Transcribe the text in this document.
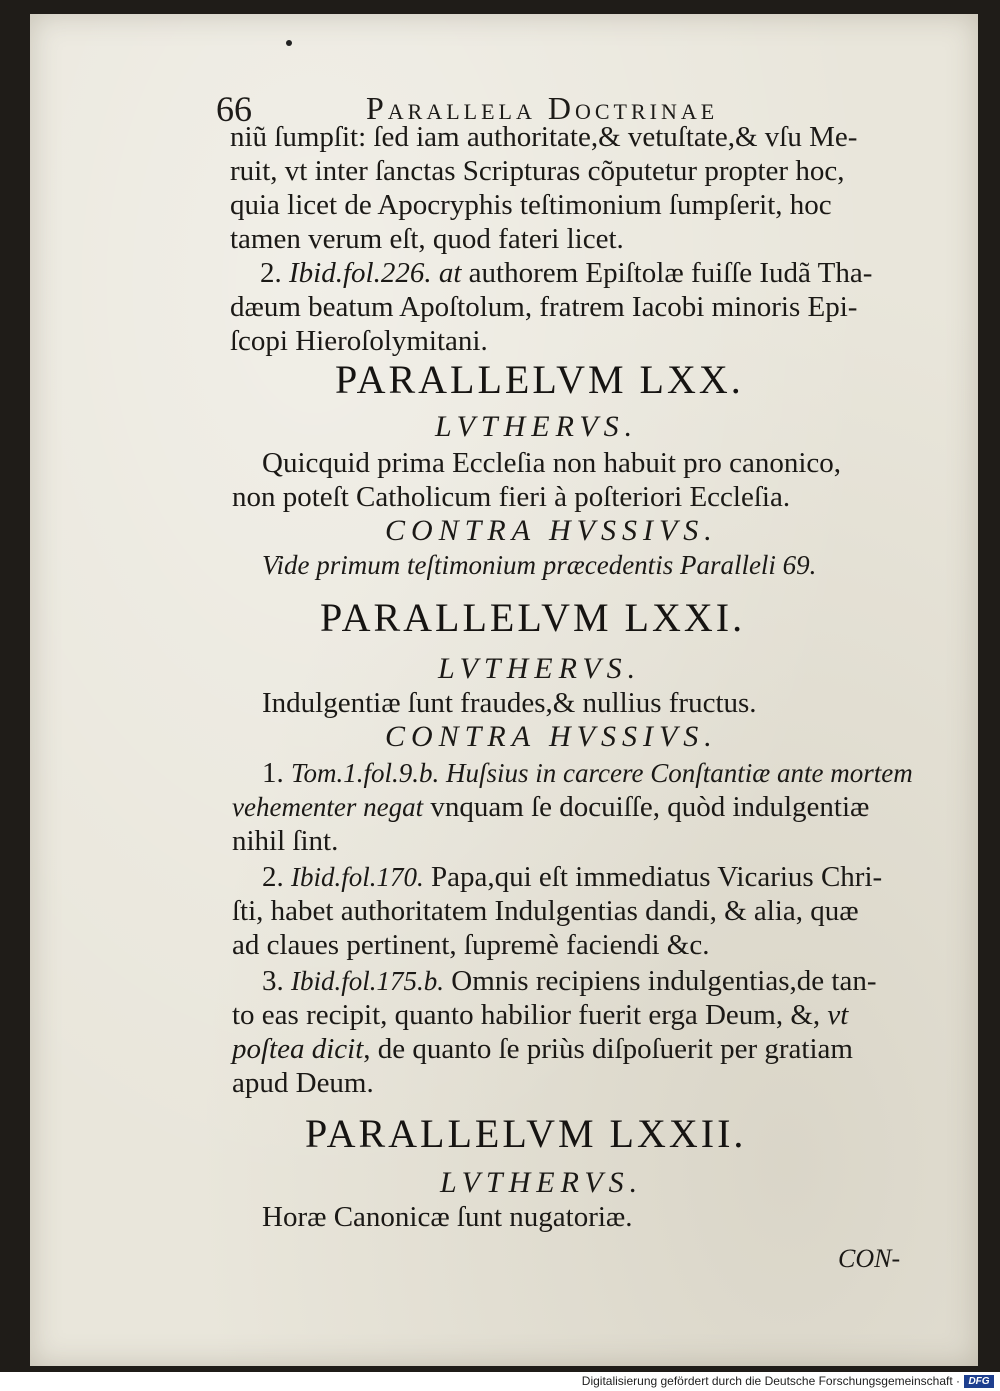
66	Parallela Doctrinae
niũ ſumpſit: ſed iam authoritate,& vetuſtate,& vſu Me-
ruit, vt inter ſanctas Scripturas cõputetur propter hoc,
quia licet de Apocryphis teſtimonium ſumpſerit, hoc
tamen verum eſt, quod fateri licet.
2. Ibid.fol.226. at authorem Epiſtolæ fuiſſe Iudã Tha-
dæum beatum Apoſtolum, fratrem Iacobi minoris Epi-
ſcopi Hieroſolymitani.
PARALLELVM LXX.
LVTHERVS.
Quicquid prima Eccleſia non habuit pro canonico,
non poteſt Catholicum fieri à poſteriori Eccleſia.
CONTRA HVSSIVS.
Vide primum teſtimonium præcedentis Paralleli 69.
PARALLELVM LXXI.
LVTHERVS.
Indulgentiæ ſunt fraudes,& nullius fructus.
CONTRA HVSSIVS.
1. Tom.1.fol.9.b. Huſsius in carcere Conſtantiæ ante mortem
vehementer negat vnquam ſe docuiſſe, quòd indulgentiæ
nihil ſint.
2. Ibid.fol.170. Papa,qui eſt immediatus Vicarius Chri-
ſti, habet authoritatem Indulgentias dandi, & alia, quæ
ad claues pertinent, ſupremè faciendi &c.
3. Ibid.fol.175.b. Omnis recipiens indulgentias,de tan-
to eas recipit, quanto habilior fuerit erga Deum, &, vt
poſtea dicit, de quanto ſe priùs diſpoſuerit per gratiam
apud Deum.
PARALLELVM LXXII.
LVTHERVS.
Horæ Canonicæ ſunt nugatoriæ.
CON-
Digitalisierung gefördert durch die Deutsche Forschungsgemeinschaft · DFG
